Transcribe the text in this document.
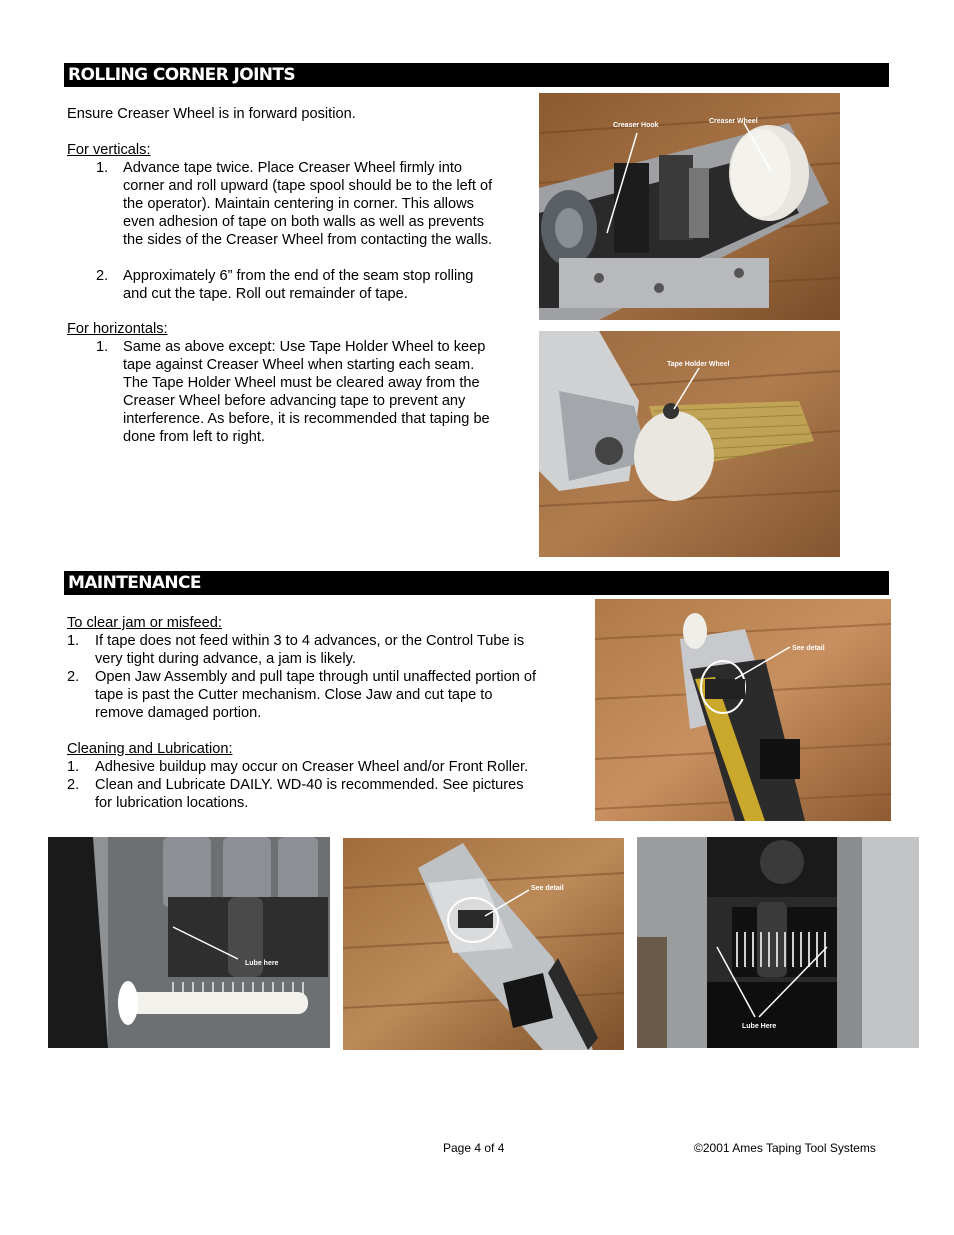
ROLLING CORNER JOINTS
Ensure Creaser Wheel is in forward position.
For verticals:
1. Advance tape twice. Place Creaser Wheel firmly into
corner and roll upward (tape spool should be to the left of
the operator). Maintain centering in corner. This allows
even adhesion of tape on both walls as well as prevents
the sides of the Creaser Wheel from contacting the walls.
2. Approximately 6” from the end of the seam stop rolling
and cut the tape. Roll out remainder of tape.
For horizontals:
1. Same as above except: Use Tape Holder Wheel to keep
tape against Creaser Wheel when starting each seam.
The Tape Holder Wheel must be cleared away from the
Creaser Wheel before advancing tape to prevent any
interference. As before, it is recommended that taping be
done from left to right.
Creaser Hook
Creaser Wheel
Tape Holder Wheel
MAINTENANCE
To clear jam or misfeed:
1. If tape does not feed within 3 to 4 advances, or the Control Tube is
very tight during advance, a jam is likely.
2. Open Jaw Assembly and pull tape through until unaffected portion of
tape is past the Cutter mechanism. Close Jaw and cut tape to
remove damaged portion.
Cleaning and Lubrication:
1. Adhesive buildup may occur on Creaser Wheel and/or Front Roller.
2. Clean and Lubricate DAILY. WD-40 is recommended. See pictures
for lubrication locations.
See detail
Lube here
See detail
Lube Here
Page 4 of 4	©2001 Ames Taping Tool Systems
